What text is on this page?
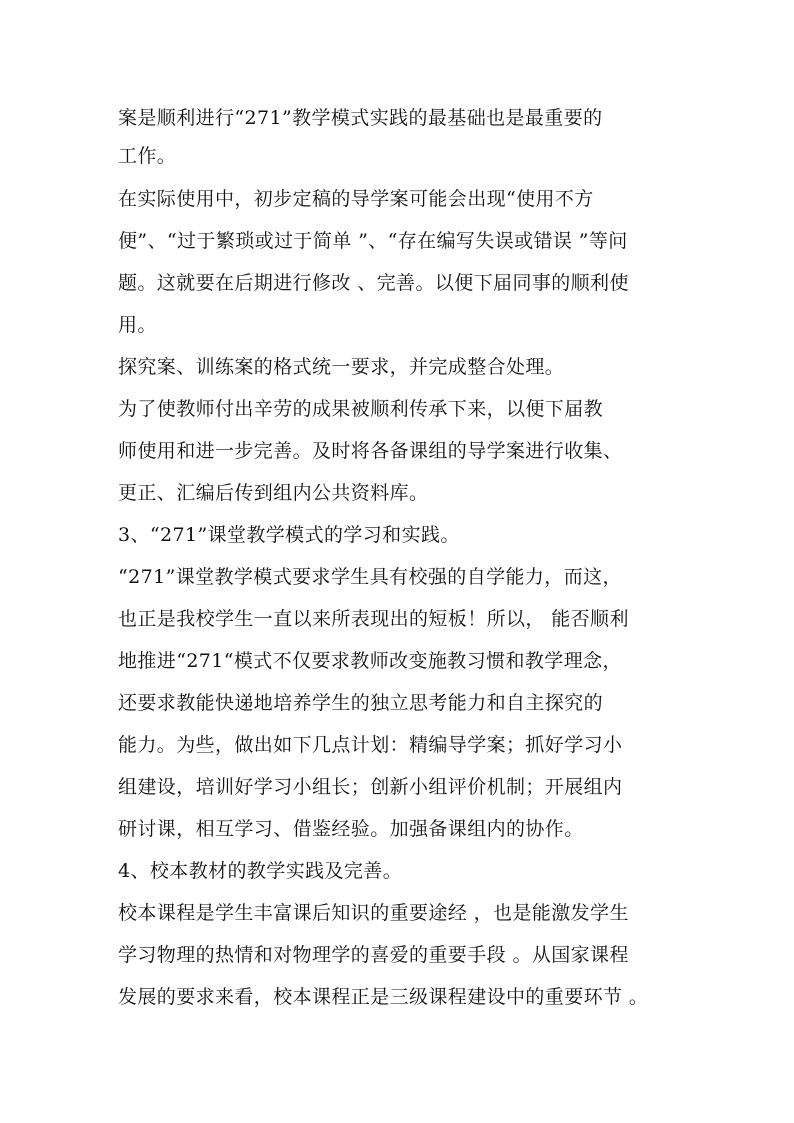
案是顺利进行“271”教学模式实践的最基础也是最重要的
工作。
在实际使用中，初步定稿的导学案可能会出现“使用不方
便”、“过于繁琐或过于简单 ”、“存在编写失误或错误 ”等问
题。这就要在后期进行修改 、完善。以便下届同事的顺利使
用。
探究案、训练案的格式统一要求，并完成整合处理。
为了使教师付出辛劳的成果被顺利传承下来，以便下届教
师使用和进一步完善。及时将各备课组的导学案进行收集、
更正、汇编后传到组内公共资料库。
3、“271”课堂教学模式的学习和实践。
“271”课堂教学模式要求学生具有校强的自学能力，而这，
也正是我校学生一直以来所表现出的短板！所以， 能否顺利
地推进“271“模式不仅要求教师改变施教习惯和教学理念，
还要求教能快递地培养学生的独立思考能力和自主探究的
能力。为些，做出如下几点计划：精编导学案；抓好学习小
组建设，培训好学习小组长；创新小组评价机制；开展组内
研讨课，相互学习、借鉴经验。加强备课组内的协作。
4、校本教材的教学实践及完善。
校本课程是学生丰富课后知识的重要途经 ，也是能激发学生
学习物理的热情和对物理学的喜爱的重要手段 。从国家课程
发展的要求来看，校本课程正是三级课程建设中的重要环节 。
